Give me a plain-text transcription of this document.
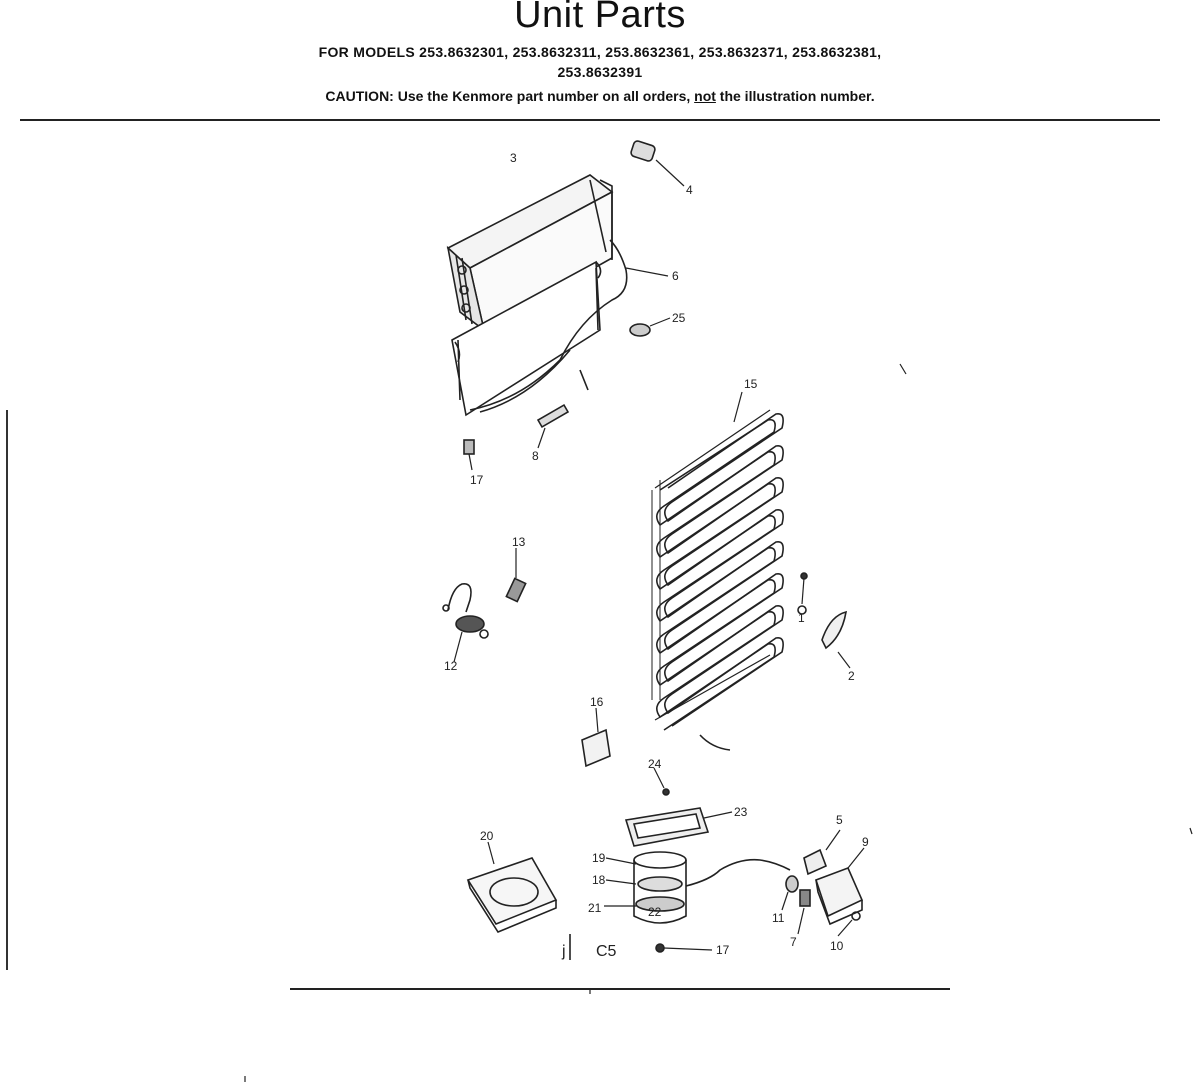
Unit Parts
FOR MODELS 253.8632301, 253.8632311, 253.8632361, 253.8632371, 253.8632381,
253.8632391
CAUTION: Use the Kenmore part number on all orders, not the illustration number.
3
4
6
25
8
17
15
13
12
1
2
16
24
23
20
19
18
21	22
5
9
11
7	10
17
j C5
